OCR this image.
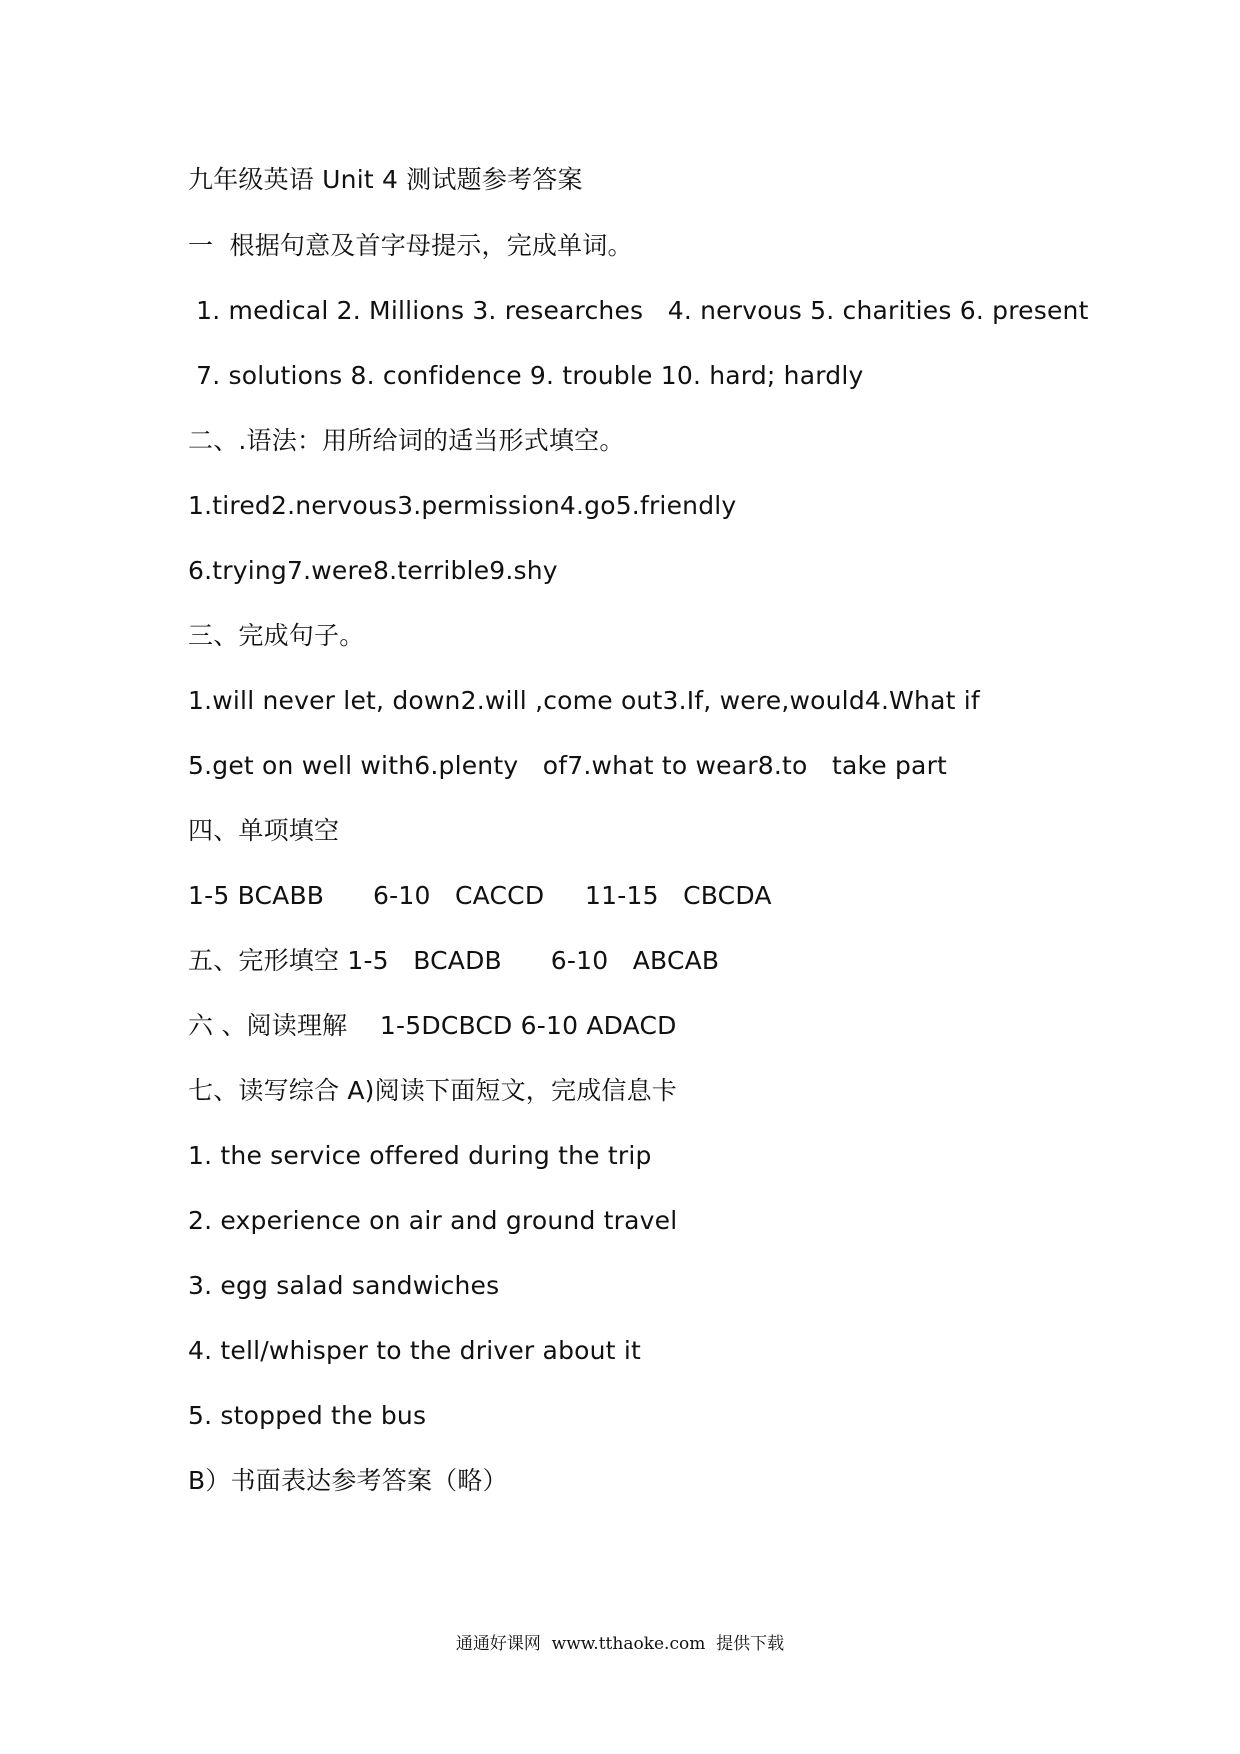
九年级英语 Unit 4 测试题参考答案
一  根据句意及首字母提示，完成单词。
1. medical 2. Millions 3. researches   4. nervous 5. charities 6. present
7. solutions 8. confidence 9. trouble 10. hard; hardly
二、.语法：用所给词的适当形式填空。
1.tired2.nervous3.permission4.go5.friendly
6.trying7.were8.terrible9.shy
三、完成句子。
1.will never let, down2.will ,come out3.If, were,would4.What if
5.get on well with6.plenty   of7.what to wear8.to   take part
四、单项填空
1-5 BCABB      6-10   CACCD     11-15   CBCDA
五、完形填空 1-5   BCADB      6-10   ABCAB
六 、阅读理解    1-5DCBCD 6-10 ADACD
七、读写综合 A)阅读下面短文，完成信息卡
1. the service offered during the trip
2. experience on air and ground travel
3. egg salad sandwiches
4. tell/whisper to the driver about it
5. stopped the bus
B）书面表达参考答案（略）
通通好课网  www.tthaoke.com  提供下载
